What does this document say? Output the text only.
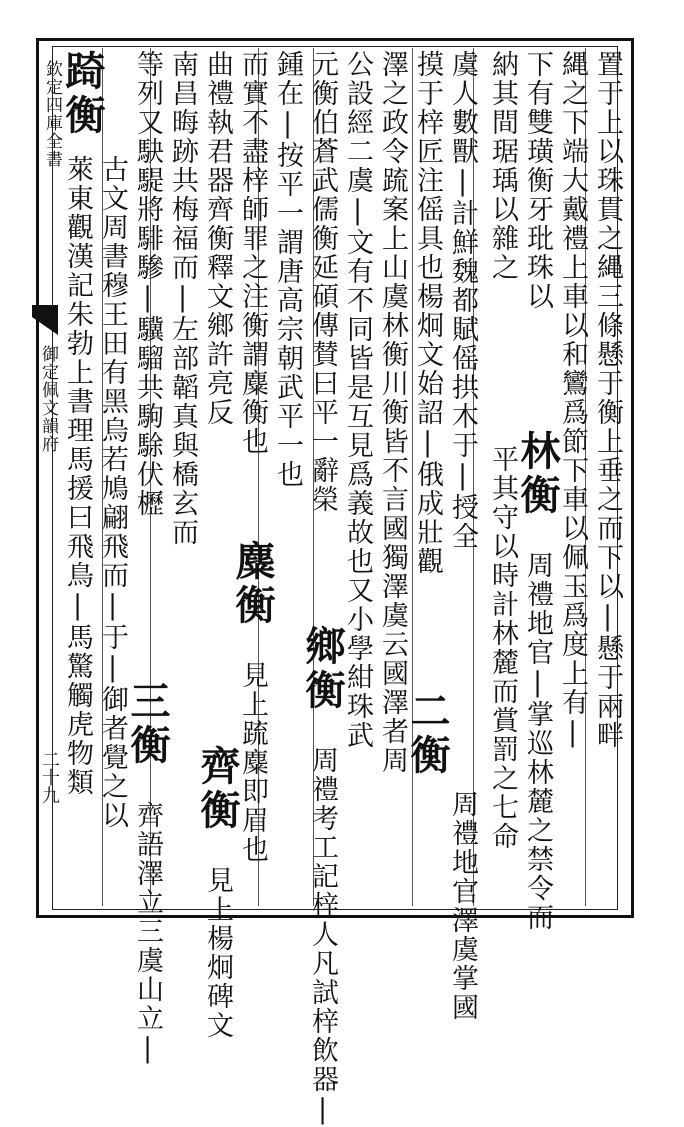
欽定四庫全書
御定佩文韻府
二十九
置于上以珠貫之縄三條懸于衡上垂之而下以|懸于兩畔
縄之下端大戴禮上車以和鸞爲節下車以佩玉爲度上有|
下有雙璜衡牙玭珠以
林衡 周禮地官|掌巡林麓之禁令而
納其間琚瑀以雜之
平其守以時計林麓而賞罰之七命
虞人數獸|計鮮魏都賦傜拱木于|授全
摸于梓匠注傜具也楊炯文始詔|俄成壯觀
二衡
周禮地官澤虞掌國
澤之政令䟽案上山虞林衡川衡皆不言國獨澤虞云國澤者周
公設經二虞|文有不同皆是互見爲義故也又小學紺珠武
元衡伯蒼武儒衡延碩傳賛曰平一辭榮
鄉衡 周禮考工記梓人凡試梓飲器|
鍾在|按平一謂唐高宗朝武平一也
而實不盡梓師罪之注衡謂麋衡也
麋衡 見上䟽麋即眉也
曲禮執君器齊衡釋文鄉許亮反
齊衡 見上楊炯碑文
南昌晦跡共梅福而|左部韜真與橋玄而
等列又駃騠將騑驂|驥騮共駒駼伏櫪
三衡 齊語澤立三虞山立|
踦衡
古文周書穆王田有黑烏若鳩翩飛而|于|御者覺之以
萊東觀漢記朱勃上書理馬援曰飛鳥|馬驚觸虎物類
